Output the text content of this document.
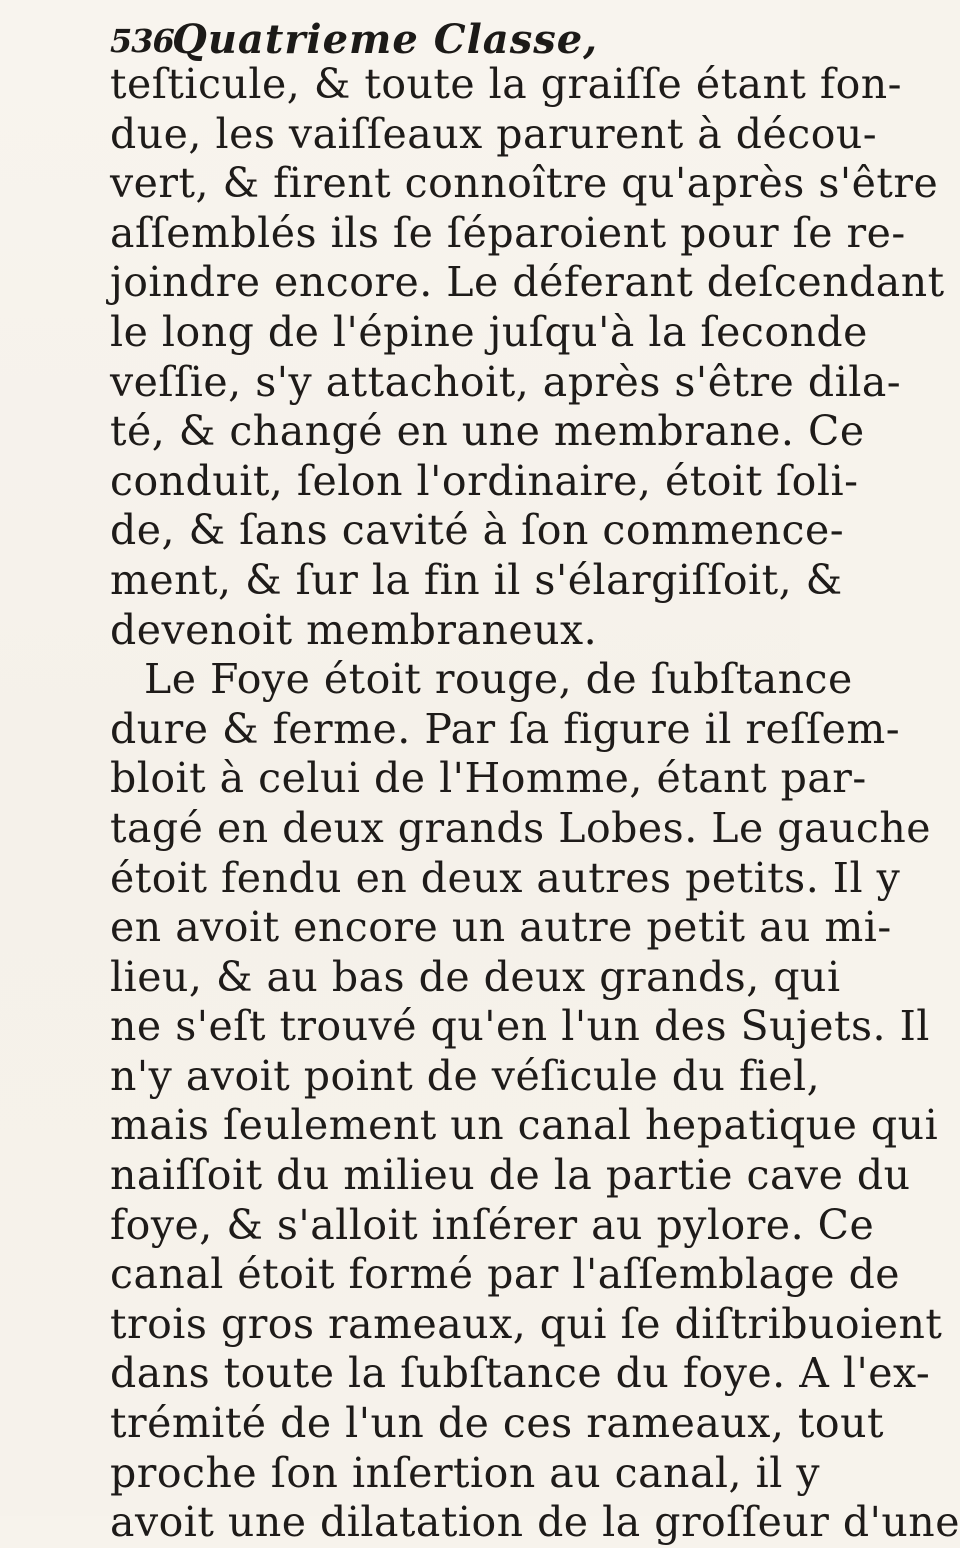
536
Quatrieme Classe,
teſticule, & toute la graiſſe étant fon-
due, les vaiſſeaux parurent à décou-
vert, & firent connoître qu'après s'être
aſſemblés ils ſe ſéparoient pour ſe re-
joindre encore. Le déferant deſcendant
le long de l'épine juſqu'à la ſeconde
veſſie, s'y attachoit, après s'être dila-
té, & changé en une membrane. Ce
conduit, ſelon l'ordinaire, étoit ſoli-
de, & ſans cavité à ſon commence-
ment, & ſur la fin il s'élargiſſoit, &
devenoit membraneux.
Le Foye étoit rouge, de ſubſtance
dure & ferme. Par ſa figure il reſſem-
bloit à celui de l'Homme, étant par-
tagé en deux grands Lobes. Le gauche
étoit fendu en deux autres petits. Il y
en avoit encore un autre petit au mi-
lieu, & au bas de deux grands, qui
ne s'eſt trouvé qu'en l'un des Sujets. Il
n'y avoit point de véſicule du fiel,
mais ſeulement un canal hepatique qui
naiſſoit du milieu de la partie cave du
foye, & s'alloit inſérer au pylore. Ce
canal étoit formé par l'aſſemblage de
trois gros rameaux, qui ſe diſtribuoient
dans toute la ſubſtance du foye. A l'ex-
trémité de l'un de ces rameaux, tout
proche ſon inſertion au canal, il y
avoit une dilatation de la groſſeur d'une
